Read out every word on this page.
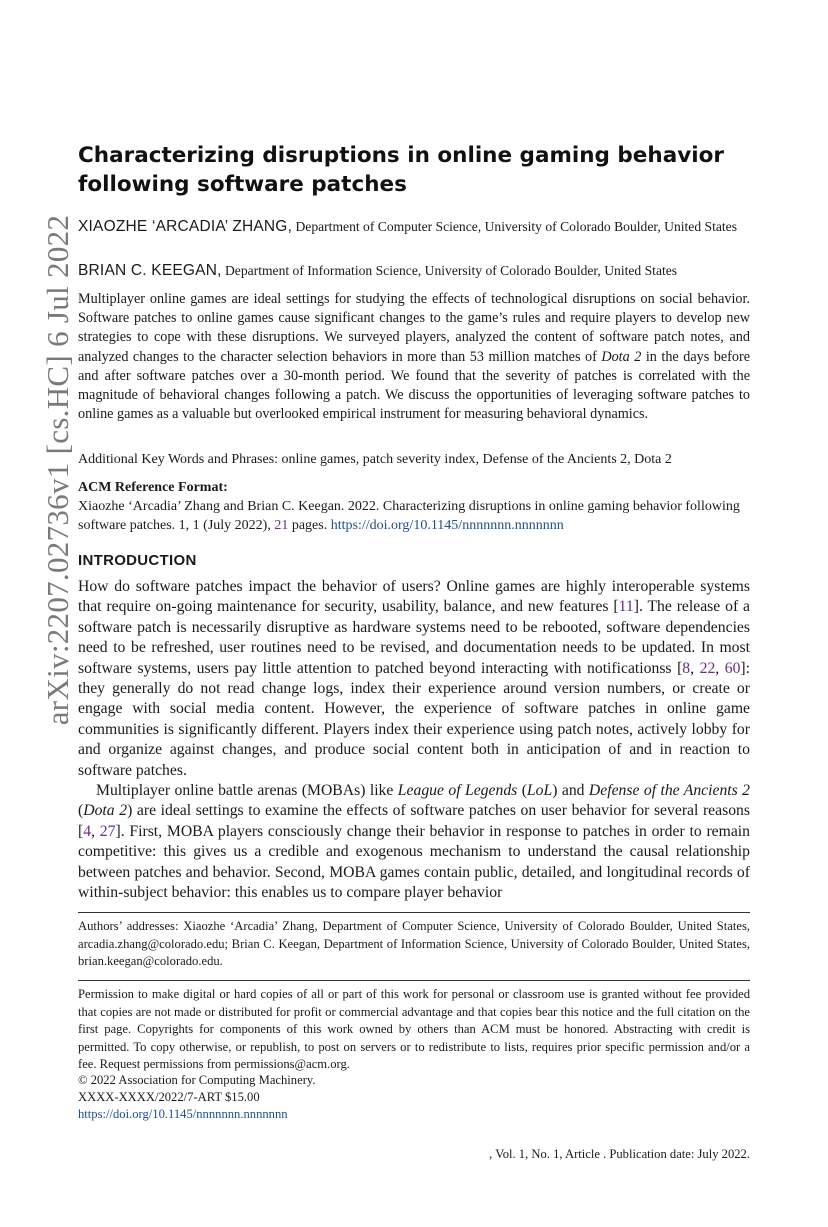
arXiv:2207.02736v1 [cs.HC] 6 Jul 2022
Characterizing disruptions in online gaming behavior following software patches
XIAOZHE ‘ARCADIA’ ZHANG, Department of Computer Science, University of Colorado Boulder, United States
BRIAN C. KEEGAN, Department of Information Science, University of Colorado Boulder, United States

Multiplayer online games are ideal settings for studying the effects of technological disruptions on social behavior. Software patches to online games cause significant changes to the game’s rules and require players to develop new strategies to cope with these disruptions. We surveyed players, analyzed the content of software patch notes, and analyzed changes to the character selection behaviors in more than 53 million matches of Dota 2 in the days before and after software patches over a 30-month period. We found that the severity of patches is correlated with the magnitude of behavioral changes following a patch. We discuss the opportunities of leveraging software patches to online games as a valuable but overlooked empirical instrument for measuring behavioral dynamics.

Additional Key Words and Phrases: online games, patch severity index, Defense of the Ancients 2, Dota 2

ACM Reference Format:

Xiaozhe ‘Arcadia’ Zhang and Brian C. Keegan. 2022. Characterizing disruptions in online gaming behavior following software patches. 1, 1 (July 2022), 21 pages. https://doi.org/10.1145/nnnnnnn.nnnnnnn

INTRODUCTION

How do software patches impact the behavior of users? Online games are highly interoperable systems that require on-going maintenance for security, usability, balance, and new features [11]. The release of a software patch is necessarily disruptive as hardware systems need to be rebooted, software dependencies need to be refreshed, user routines need to be revised, and documentation needs to be updated. In most software systems, users pay little attention to patched beyond interacting with notificationss [8, 22, 60]: they generally do not read change logs, index their experience around version numbers, or create or engage with social media content. However, the experience of software patches in online game communities is significantly different. Players index their experience using patch notes, actively lobby for and organize against changes, and produce social content both in anticipation of and in reaction to software patches.

Multiplayer online battle arenas (MOBAs) like League of Legends (LoL) and Defense of the Ancients 2 (Dota 2) are ideal settings to examine the effects of software patches on user behavior for several reasons [4, 27]. First, MOBA players consciously change their behavior in response to patches in order to remain competitive: this gives us a credible and exogenous mechanism to understand the causal relationship between patches and behavior. Second, MOBA games contain public, detailed, and longitudinal records of within-subject behavior: this enables us to compare player behavior

Authors’ addresses: Xiaozhe ‘Arcadia’ Zhang, Department of Computer Science, University of Colorado Boulder, United States, arcadia.zhang@colorado.edu; Brian C. Keegan, Department of Information Science, University of Colorado Boulder, United States, brian.keegan@colorado.edu.

Permission to make digital or hard copies of all or part of this work for personal or classroom use is granted without fee provided that copies are not made or distributed for profit or commercial advantage and that copies bear this notice and the full citation on the first page. Copyrights for components of this work owned by others than ACM must be honored. Abstracting with credit is permitted. To copy otherwise, or republish, to post on servers or to redistribute to lists, requires prior specific permission and/or a fee. Request permissions from permissions@acm.org.

© 2022 Association for Computing Machinery.

XXXX-XXXX/2022/7-ART $15.00

https://doi.org/10.1145/nnnnnnn.nnnnnnn

, Vol. 1, No. 1, Article . Publication date: July 2022.
